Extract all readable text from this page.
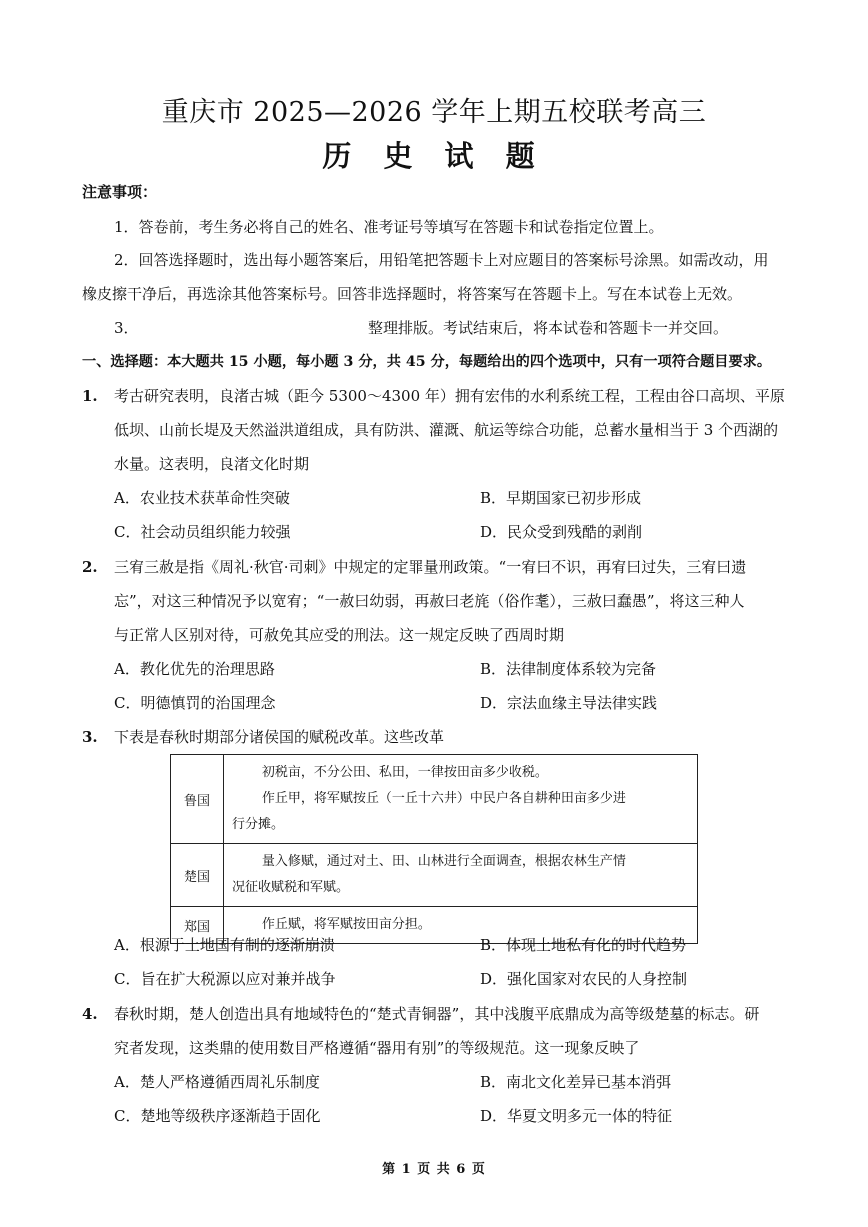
重庆市 2025—2026 学年上期五校联考高三
历 史 试 题
注意事项：
1．答卷前，考生务必将自己的姓名、准考证号等填写在答题卡和试卷指定位置上。
2．回答选择题时，选出每小题答案后，用铅笔把答题卡上对应题目的答案标号涂黑。如需改动，用
橡皮擦干净后，再选涂其他答案标号。回答非选择题时，将答案写在答题卡上。写在本试卷上无效。
3．	整理排版。考试结束后，将本试卷和答题卡一并交回。
一、选择题：本大题共 15 小题，每小题 3 分，共 45 分，每题给出的四个选项中，只有一项符合题目要求。
1. 考古研究表明，良渚古城（距今 5300～4300 年）拥有宏伟的水利系统工程，工程由谷口高坝、平原
低坝、山前长堤及天然溢洪道组成，具有防洪、灌溉、航运等综合功能，总蓄水量相当于 3 个西湖的
水量。这表明，良渚文化时期
A．农业技术获革命性突破	B．早期国家已初步形成
C．社会动员组织能力较强	D．民众受到残酷的剥削
2. 三宥三赦是指《周礼·秋官·司刺》中规定的定罪量刑政策。“一宥曰不识，再宥曰过失，三宥曰遗
忘”，对这三种情况予以宽宥；“一赦曰幼弱，再赦曰老旄（俗作耄），三赦曰蠢愚”，将这三种人
与正常人区别对待，可赦免其应受的刑法。这一规定反映了西周时期
A．教化优先的治理思路	B．法律制度体系较为完备
C．明德慎罚的治国理念	D．宗法血缘主导法律实践
3. 下表是春秋时期部分诸侯国的赋税改革。这些改革
鲁国	初税亩，不分公田、私田，一律按田亩多少收税。
作丘甲，将军赋按丘（一丘十六井）中民户各自耕种田亩多少进
行分摊。
楚国	量入修赋，通过对土、田、山林进行全面调查，根据农林生产情
况征收赋税和军赋。
郑国	作丘赋，将军赋按田亩分担。
A．根源于土地国有制的逐渐崩溃	B．体现土地私有化的时代趋势
C．旨在扩大税源以应对兼并战争	D．强化国家对农民的人身控制
4. 春秋时期，楚人创造出具有地域特色的“楚式青铜器”，其中浅腹平底鼎成为高等级楚墓的标志。研
究者发现，这类鼎的使用数目严格遵循“器用有别”的等级规范。这一现象反映了
A．楚人严格遵循西周礼乐制度	B．南北文化差异已基本消弭
C．楚地等级秩序逐渐趋于固化	D．华夏文明多元一体的特征
第 1 页 共 6 页
